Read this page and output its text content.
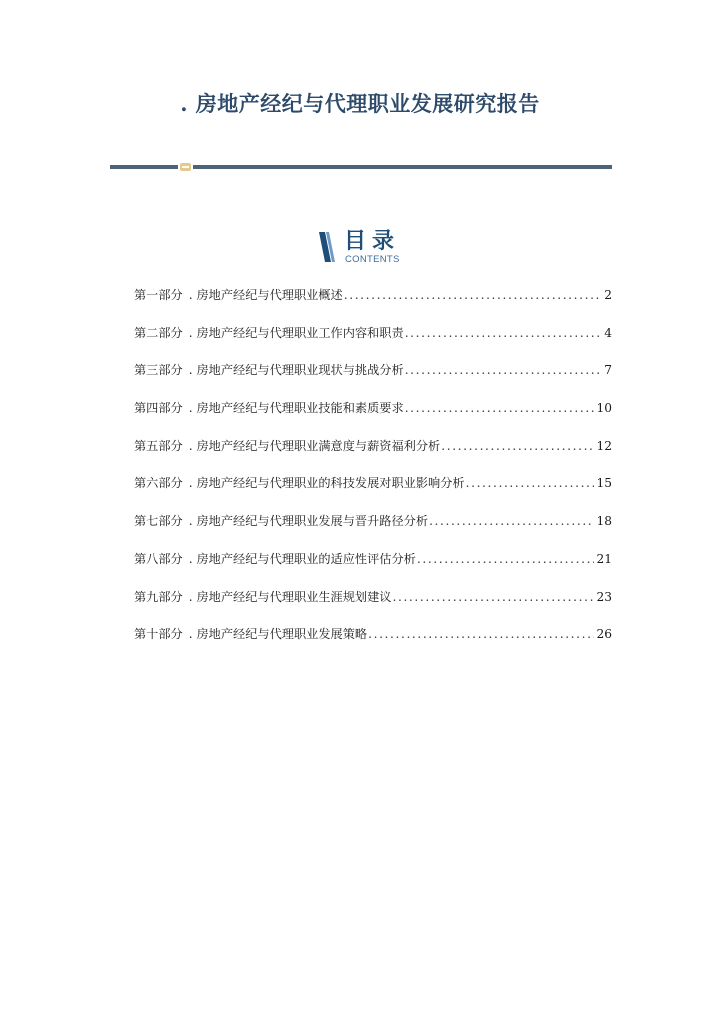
. 房地产经纪与代理职业发展研究报告
目录
CONTENTS
第一部分 . 房地产经纪与代理职业概述 .....	2
第二部分 . 房地产经纪与代理职业工作内容和职责 .....	4
第三部分 . 房地产经纪与代理职业现状与挑战分析 .....	7
第四部分 . 房地产经纪与代理职业技能和素质要求 .....	10
第五部分 . 房地产经纪与代理职业满意度与薪资福利分析 .....	12
第六部分 . 房地产经纪与代理职业的科技发展对职业影响分析 .....	15
第七部分 . 房地产经纪与代理职业发展与晋升路径分析 .....	18
第八部分 . 房地产经纪与代理职业的适应性评估分析 .....	21
第九部分 . 房地产经纪与代理职业生涯规划建议 .....	23
第十部分 . 房地产经纪与代理职业发展策略 .....	26
